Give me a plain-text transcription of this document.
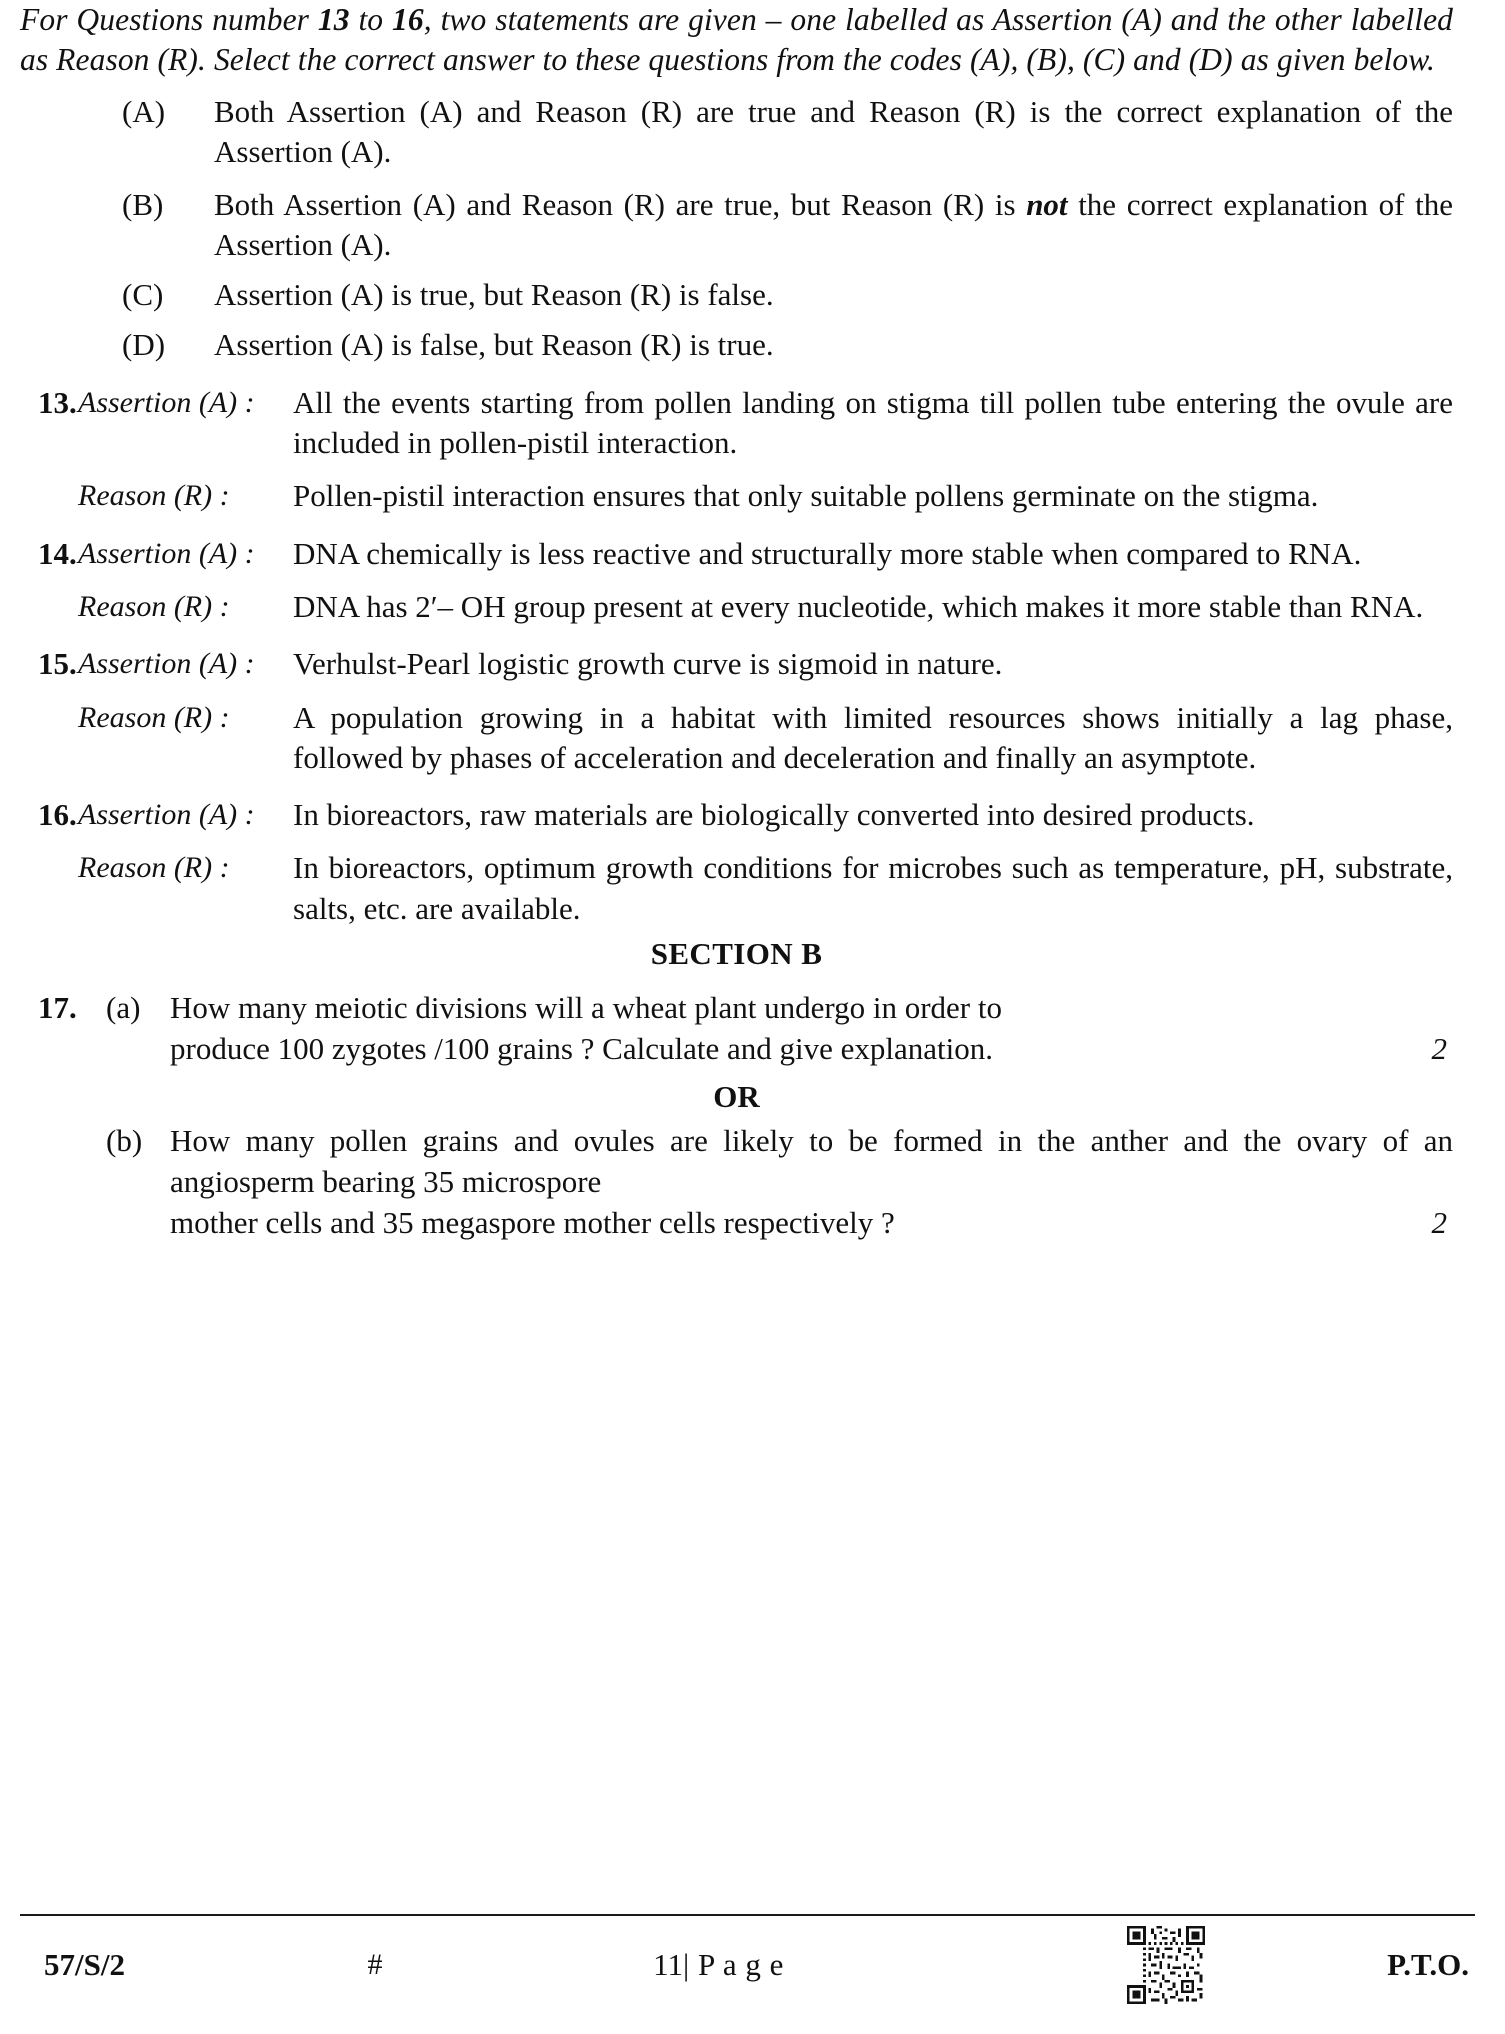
For Questions number 13 to 16, two statements are given – one labelled as Assertion (A) and the other labelled as Reason (R). Select the correct answer to these questions from the codes (A), (B), (C) and (D) as given below.

(A)	Both Assertion (A) and Reason (R) are true and Reason (R) is the correct explanation of the Assertion (A).
(B)	Both Assertion (A) and Reason (R) are true, but Reason (R) is not the correct explanation of the Assertion (A).
(C)	Assertion (A) is true, but Reason (R) is false.
(D)	Assertion (A) is false, but Reason (R) is true.
13. Assertion (A) :	All the events starting from pollen landing on stigma till pollen tube entering the ovule are included in pollen-pistil interaction.
Reason (R) :	Pollen-pistil interaction ensures that only suitable pollens germinate on the stigma.
14. Assertion (A) :	DNA chemically is less reactive and structurally more stable when compared to RNA.
Reason (R) :	DNA has 2′– OH group present at every nucleotide, which makes it more stable than RNA.
15. Assertion (A) :	Verhulst-Pearl logistic growth curve is sigmoid in nature.
Reason (R) :	A population growing in a habitat with limited resources shows initially a lag phase, followed by phases of acceleration and deceleration and finally an asymptote.
16. Assertion (A) :	In bioreactors, raw materials are biologically converted into desired products.
Reason (R) :	In bioreactors, optimum growth conditions for microbes such as temperature, pH, substrate, salts, etc. are available.
SECTION B
17. (a) How many meiotic divisions will a wheat plant undergo in order to
produce 100 zygotes /100 grains ? Calculate and give explanation.	2
OR
(b) How many pollen grains and ovules are likely to be formed in the anther and the ovary of an angiosperm bearing 35 microspore
mother cells and 35 megaspore mother cells respectively ?	2
57/S/2	#	11| P a g e	P.T.O.
